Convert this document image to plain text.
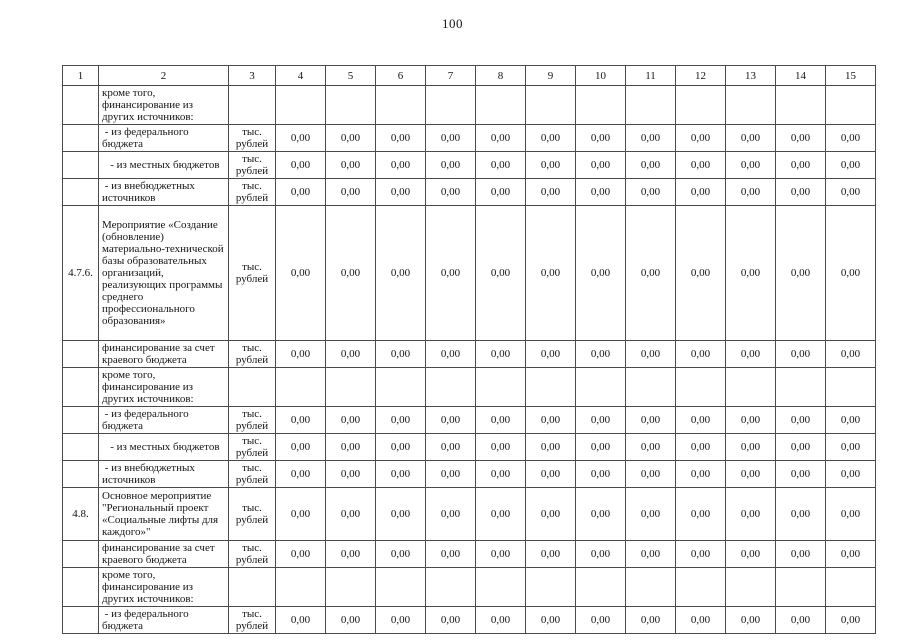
100
1	2	3	4	5	6	7	8	9	10	11	12	13	14	15
	кроме того, финансирование из других источников:													
	- из федерального бюджета	тыс. рублей	0,00	0,00	0,00	0,00	0,00	0,00	0,00	0,00	0,00	0,00	0,00	0,00
	- из местных бюджетов	тыс. рублей	0,00	0,00	0,00	0,00	0,00	0,00	0,00	0,00	0,00	0,00	0,00	0,00
	- из внебюджетных источников	тыс. рублей	0,00	0,00	0,00	0,00	0,00	0,00	0,00	0,00	0,00	0,00	0,00	0,00
4.7.6.	Мероприятие «Создание (обновление) материально-технической базы образовательных организаций, реализующих программы среднего профессионального образования»	тыс. рублей	0,00	0,00	0,00	0,00	0,00	0,00	0,00	0,00	0,00	0,00	0,00	0,00
	финансирование за счет краевого бюджета	тыс. рублей	0,00	0,00	0,00	0,00	0,00	0,00	0,00	0,00	0,00	0,00	0,00	0,00
	кроме того, финансирование из других источников:													
	- из федерального бюджета	тыс. рублей	0,00	0,00	0,00	0,00	0,00	0,00	0,00	0,00	0,00	0,00	0,00	0,00
	- из местных бюджетов	тыс. рублей	0,00	0,00	0,00	0,00	0,00	0,00	0,00	0,00	0,00	0,00	0,00	0,00
	- из внебюджетных источников	тыс. рублей	0,00	0,00	0,00	0,00	0,00	0,00	0,00	0,00	0,00	0,00	0,00	0,00
4.8.	Основное мероприятие "Региональный проект «Социальные лифты для каждого»"	тыс. рублей	0,00	0,00	0,00	0,00	0,00	0,00	0,00	0,00	0,00	0,00	0,00	0,00
	финансирование за счет краевого бюджета	тыс. рублей	0,00	0,00	0,00	0,00	0,00	0,00	0,00	0,00	0,00	0,00	0,00	0,00
	кроме того, финансирование из других источников:													
	- из федерального бюджета	тыс. рублей	0,00	0,00	0,00	0,00	0,00	0,00	0,00	0,00	0,00	0,00	0,00	0,00
